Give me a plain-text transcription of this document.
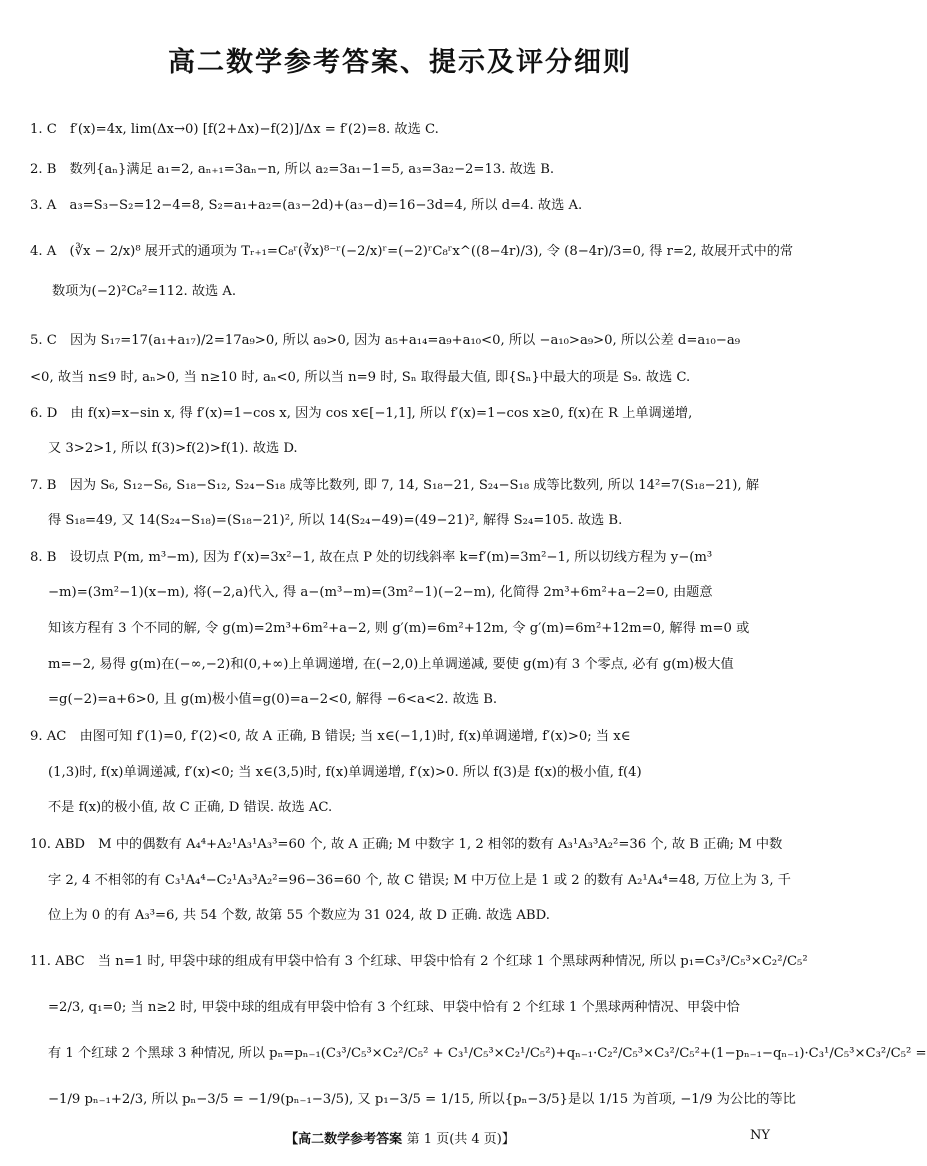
高二数学参考答案、提示及评分细则
1. C　f′(x)=4x, lim(Δx→0) [f(2+Δx)−f(2)]/Δx = f′(2)=8. 故选 C.
2. B　数列{aₙ}满足 a₁=2, aₙ₊₁=3aₙ−n, 所以 a₂=3a₁−1=5, a₃=3a₂−2=13. 故选 B.
3. A　a₃=S₃−S₂=12−4=8, S₂=a₁+a₂=(a₃−2d)+(a₃−d)=16−3d=4, 所以 d=4. 故选 A.
4. A　(∛x − 2/x)⁸ 展开式的通项为 Tᵣ₊₁=C₈ʳ(∛x)⁸⁻ʳ(−2/x)ʳ=(−2)ʳC₈ʳx^((8−4r)/3), 令 (8−4r)/3=0, 得 r=2, 故展开式中的常
数项为(−2)²C₈²=112. 故选 A.
5. C　因为 S₁₇=17(a₁+a₁₇)/2=17a₉>0, 所以 a₉>0, 因为 a₅+a₁₄=a₉+a₁₀<0, 所以 −a₁₀>a₉>0, 所以公差 d=a₁₀−a₉
<0, 故当 n≤9 时, aₙ>0, 当 n≥10 时, aₙ<0, 所以当 n=9 时, Sₙ 取得最大值, 即{Sₙ}中最大的项是 S₉. 故选 C.
6. D　由 f(x)=x−sin x, 得 f′(x)=1−cos x, 因为 cos x∈[−1,1], 所以 f′(x)=1−cos x≥0, f(x)在 R 上单调递增,
又 3>2>1, 所以 f(3)>f(2)>f(1). 故选 D.
7. B　因为 S₆, S₁₂−S₆, S₁₈−S₁₂, S₂₄−S₁₈ 成等比数列, 即 7, 14, S₁₈−21, S₂₄−S₁₈ 成等比数列, 所以 14²=7(S₁₈−21), 解
得 S₁₈=49, 又 14(S₂₄−S₁₈)=(S₁₈−21)², 所以 14(S₂₄−49)=(49−21)², 解得 S₂₄=105. 故选 B.
8. B　设切点 P(m, m³−m), 因为 f′(x)=3x²−1, 故在点 P 处的切线斜率 k=f′(m)=3m²−1, 所以切线方程为 y−(m³
−m)=(3m²−1)(x−m), 将(−2,a)代入, 得 a−(m³−m)=(3m²−1)(−2−m), 化简得 2m³+6m²+a−2=0, 由题意
知该方程有 3 个不同的解, 令 g(m)=2m³+6m²+a−2, 则 g′(m)=6m²+12m, 令 g′(m)=6m²+12m=0, 解得 m=0 或
m=−2, 易得 g(m)在(−∞,−2)和(0,+∞)上单调递增, 在(−2,0)上单调递减, 要使 g(m)有 3 个零点, 必有 g(m)极大值
=g(−2)=a+6>0, 且 g(m)极小值=g(0)=a−2<0, 解得 −6<a<2. 故选 B.
9. AC　由图可知 f′(1)=0, f′(2)<0, 故 A 正确, B 错误; 当 x∈(−1,1)时, f(x)单调递增, f′(x)>0; 当 x∈
(1,3)时, f(x)单调递减, f′(x)<0; 当 x∈(3,5)时, f(x)单调递增, f′(x)>0. 所以 f(3)是 f(x)的极小值, f(4)
不是 f(x)的极小值, 故 C 正确, D 错误. 故选 AC.
10. ABD　M 中的偶数有 A₄⁴+A₂¹A₃¹A₃³=60 个, 故 A 正确; M 中数字 1, 2 相邻的数有 A₃¹A₃³A₂²=36 个, 故 B 正确; M 中数
字 2, 4 不相邻的有 C₃¹A₄⁴−C₂¹A₃³A₂²=96−36=60 个, 故 C 错误; M 中万位上是 1 或 2 的数有 A₂¹A₄⁴=48, 万位上为 3, 千
位上为 0 的有 A₃³=6, 共 54 个数, 故第 55 个数应为 31 024, 故 D 正确. 故选 ABD.
11. ABC　当 n=1 时, 甲袋中球的组成有甲袋中恰有 3 个红球、甲袋中恰有 2 个红球 1 个黑球两种情况, 所以 p₁=C₃³/C₅³×C₂²/C₅²
=2/3, q₁=0; 当 n≥2 时, 甲袋中球的组成有甲袋中恰有 3 个红球、甲袋中恰有 2 个红球 1 个黑球两种情况、甲袋中恰
有 1 个红球 2 个黑球 3 种情况, 所以 pₙ=pₙ₋₁(C₃³/C₅³×C₂²/C₅² + C₃¹/C₅³×C₂¹/C₅²)+qₙ₋₁·C₂²/C₅³×C₃²/C₅²+(1−pₙ₋₁−qₙ₋₁)·C₃¹/C₅³×C₃²/C₅² =
−1/9 pₙ₋₁+2/3, 所以 pₙ−3/5 = −1/9(pₙ₋₁−3/5), 又 p₁−3/5 = 1/15, 所以{pₙ−3/5}是以 1/15 为首项, −1/9 为公比的等比
【高二数学参考答案 第 1 页(共 4 页)】	NY
